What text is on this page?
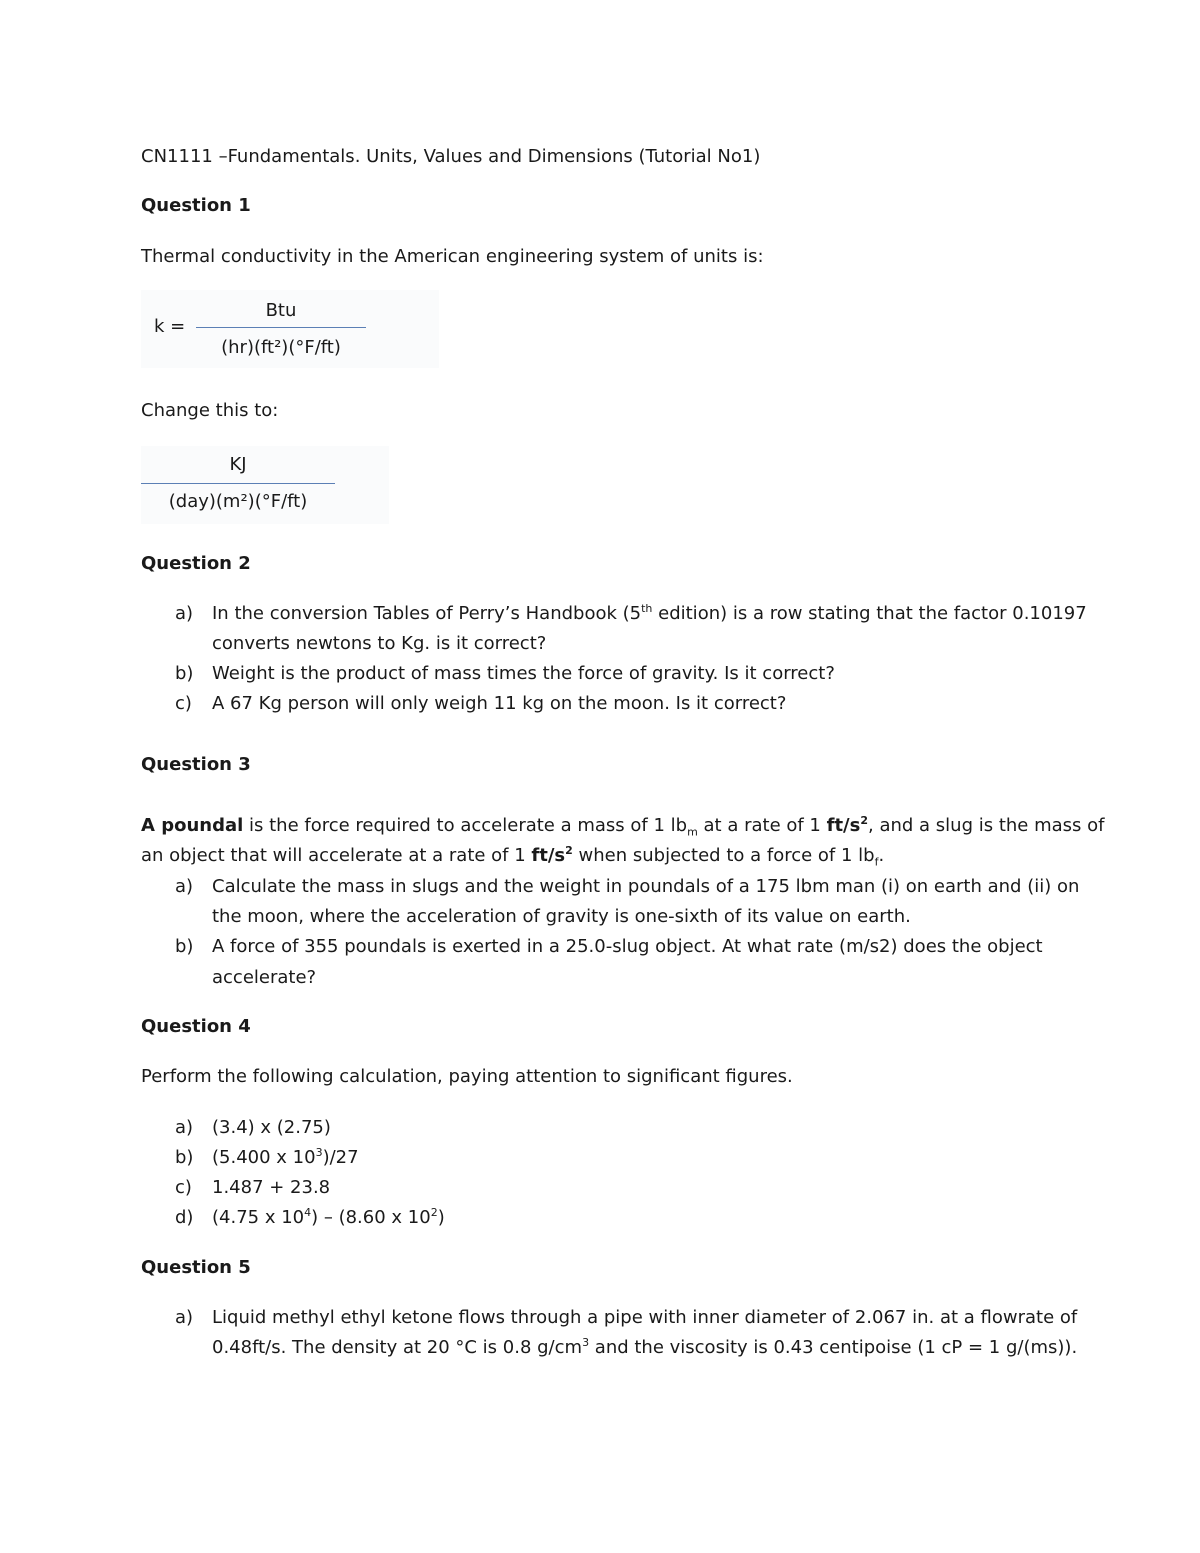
CN1111 –Fundamentals. Units, Values and Dimensions (Tutorial No1)
Question 1
Thermal conductivity in the American engineering system of units is:
k =
Btu
(hr)(ft²)(°F/ft)
Change this to:
KJ
(day)(m²)(°F/ft)
Question 2
a) In the conversion Tables of Perry’s Handbook (5th edition) is a row stating that the factor 0.10197
converts newtons to Kg. is it correct?
b) Weight is the product of mass times the force of gravity. Is it correct?
c) A 67 Kg person will only weigh 11 kg on the moon. Is it correct?
Question 3
A poundal is the force required to accelerate a mass of 1 $lb_m$ at a rate of 1 $ft/s^2$, and a slug is the mass of
an object that will accelerate at a rate of 1 $ft/s^2$ when subjected to a force of 1 $lb_f$.
a) Calculate the mass in slugs and the weight in poundals of a 175 lbm man (i) on earth and (ii) on
the moon, where the acceleration of gravity is one-sixth of its value on earth.
b) A force of 355 poundals is exerted in a 25.0-slug object. At what rate (m/s2) does the object
accelerate?
Question 4
Perform the following calculation, paying attention to significant figures.
a) (3.4) x (2.75)
b) (5.400 x $10^3)/27$
c) 1.487 + 23.8
d) (4.75 x $10^4) - (8.60$ x $10^2$)
Question 5
a) Liquid methyl ethyl ketone flows through a pipe with inner diameter of 2.067 in. at a flowrate of
0.48ft/s. The density at 20 °C is 0.8 $g/cm^3$ and the viscosity is 0.43 centipoise (1 cP = 1 g/(ms)).
